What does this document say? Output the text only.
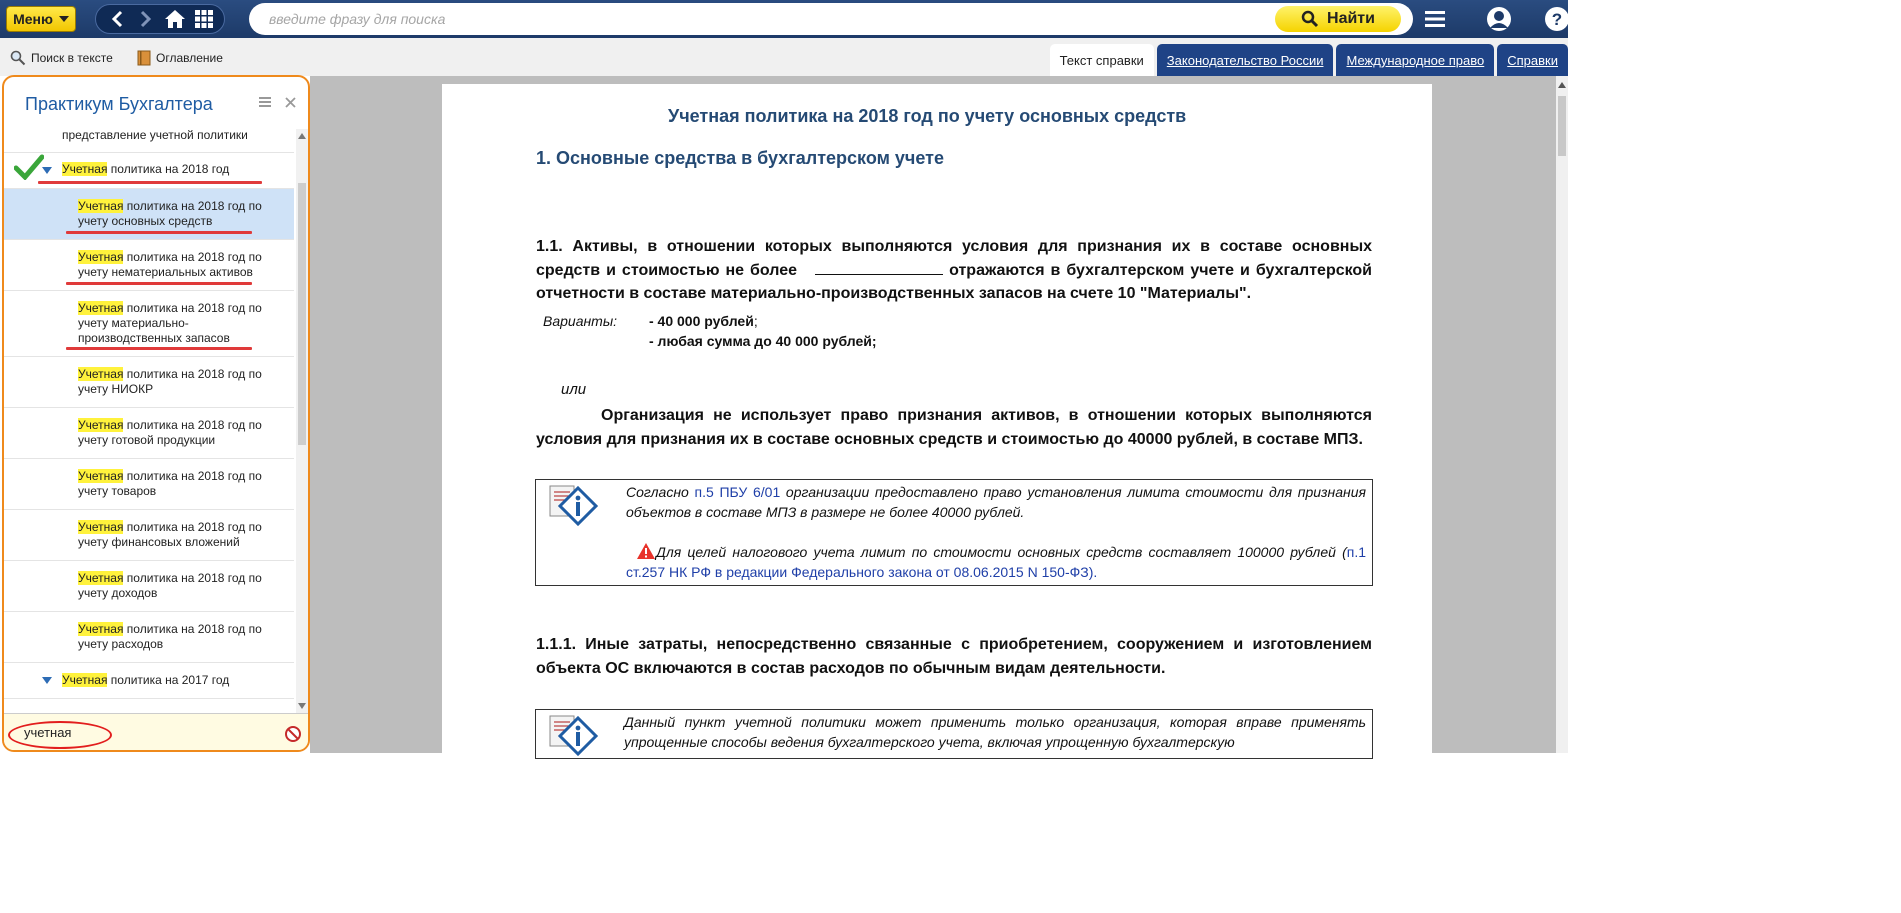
Меню
введите фразу для поиска	Найти	?
Поиск в тексте	Оглавление	Текст справки	Законодательство России	Международное право	Справки
Практикум Бухгалтера
представление учетной политики
Учетная политика на 2018 год
Учетная политика на 2018 год по
учету основных средств
Учетная политика на 2018 год по
учету нематериальных активов
Учетная политика на 2018 год по
учету материально-
производственных запасов
Учетная политика на 2018 год по
учету НИОКР
Учетная политика на 2018 год по
учету готовой продукции
Учетная политика на 2018 год по
учету товаров
Учетная политика на 2018 год по
учету финансовых вложений
Учетная политика на 2018 год по
учету доходов
Учетная политика на 2018 год по
учету расходов
Учетная политика на 2017 год
учетная
Учетная политика на 2018 год по учету основных средств
1. Основные средства в бухгалтерском учете
1.1. Активы, в отношении которых выполняются условия для признания их в составе основных средств и стоимостью не более	отражаются в бухгалтерском учете и бухгалтерской отчетности в составе материально-производственных запасов на счете 10 "Материалы".
Варианты: - 40 000 рублей;
- любая сумма до 40 000 рублей;
или
Организация не использует право признания активов, в отношении которых выполняются условия для признания их в составе основных средств и стоимостью до 40000 рублей, в составе МПЗ.
Согласно п.5 ПБУ 6/01 организации предоставлено право установления лимита стоимости для признания объектов в составе МПЗ в размере не более 40000 рублей.
Для целей налогового учета лимит по стоимости основных средств составляет 100000 рублей (п.1 ст.257 НК РФ в редакции Федерального закона от 08.06.2015 N 150-ФЗ).
1.1.1. Иные затраты, непосредственно связанные с приобретением, сооружением и изготовлением объекта ОС включаются в состав расходов по обычным видам деятельности.
Данный пункт учетной политики может применить только организация, которая вправе применять упрощенные способы ведения бухгалтерского учета, включая упрощенную бухгалтерскую
